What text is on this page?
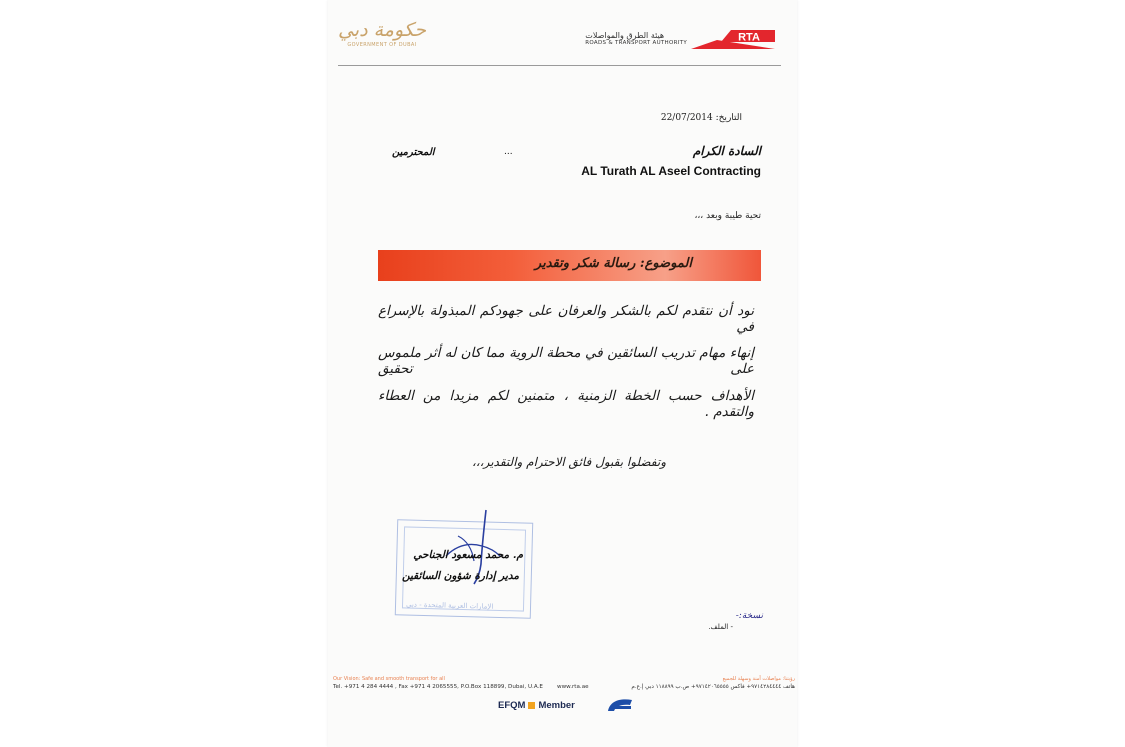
حكومة دبي
GOVERNMENT OF DUBAI
هيئة الطرق والمواصلات
ROADS & TRANSPORT AUTHORITY	RTA
التاريخ: 22/07/2014
السادة الكرام
...
المحترمين
AL Turath AL Aseel Contracting
تحية طيبة وبعد ،،،
الموضوع: رسالة شكر وتقدير
نود أن نتقدم لكم بالشكر والعرفان على جهودكم المبذولة بالإسراع في
إنهاء مهام تدريب السائقين في محطة الروية مما كان له أثر ملموس على تحقيق
الأهداف حسب الخطة الزمنية ، متمنين لكم مزيدا من العطاء والتقدم .
وتفضلوا بقبول فائق الاحترام والتقدير،،،
الإمارات العربية المتحدة - دبي
م. محمد مسعود الجناحي
مدير إدارة شؤون السائقين
نسخة:-
- الملف.
Our Vision: Safe and smooth transport for all
Tel. +971 4 284 4444 , Fax +971 4 2065555, P.O.Box 118899, Dubai, U.A.E	www.rta.ae
رؤيتنا: مواصلات آمنة وسهلة للجميع
هاتف ٩٧١٤٢٨٤٤٤٤+ فاكس ٩٧١٤٢٠٦٥٥٥٥+ ص.ب ١١٨٨٩٩ دبي إ.ع.م
EFQM Member
